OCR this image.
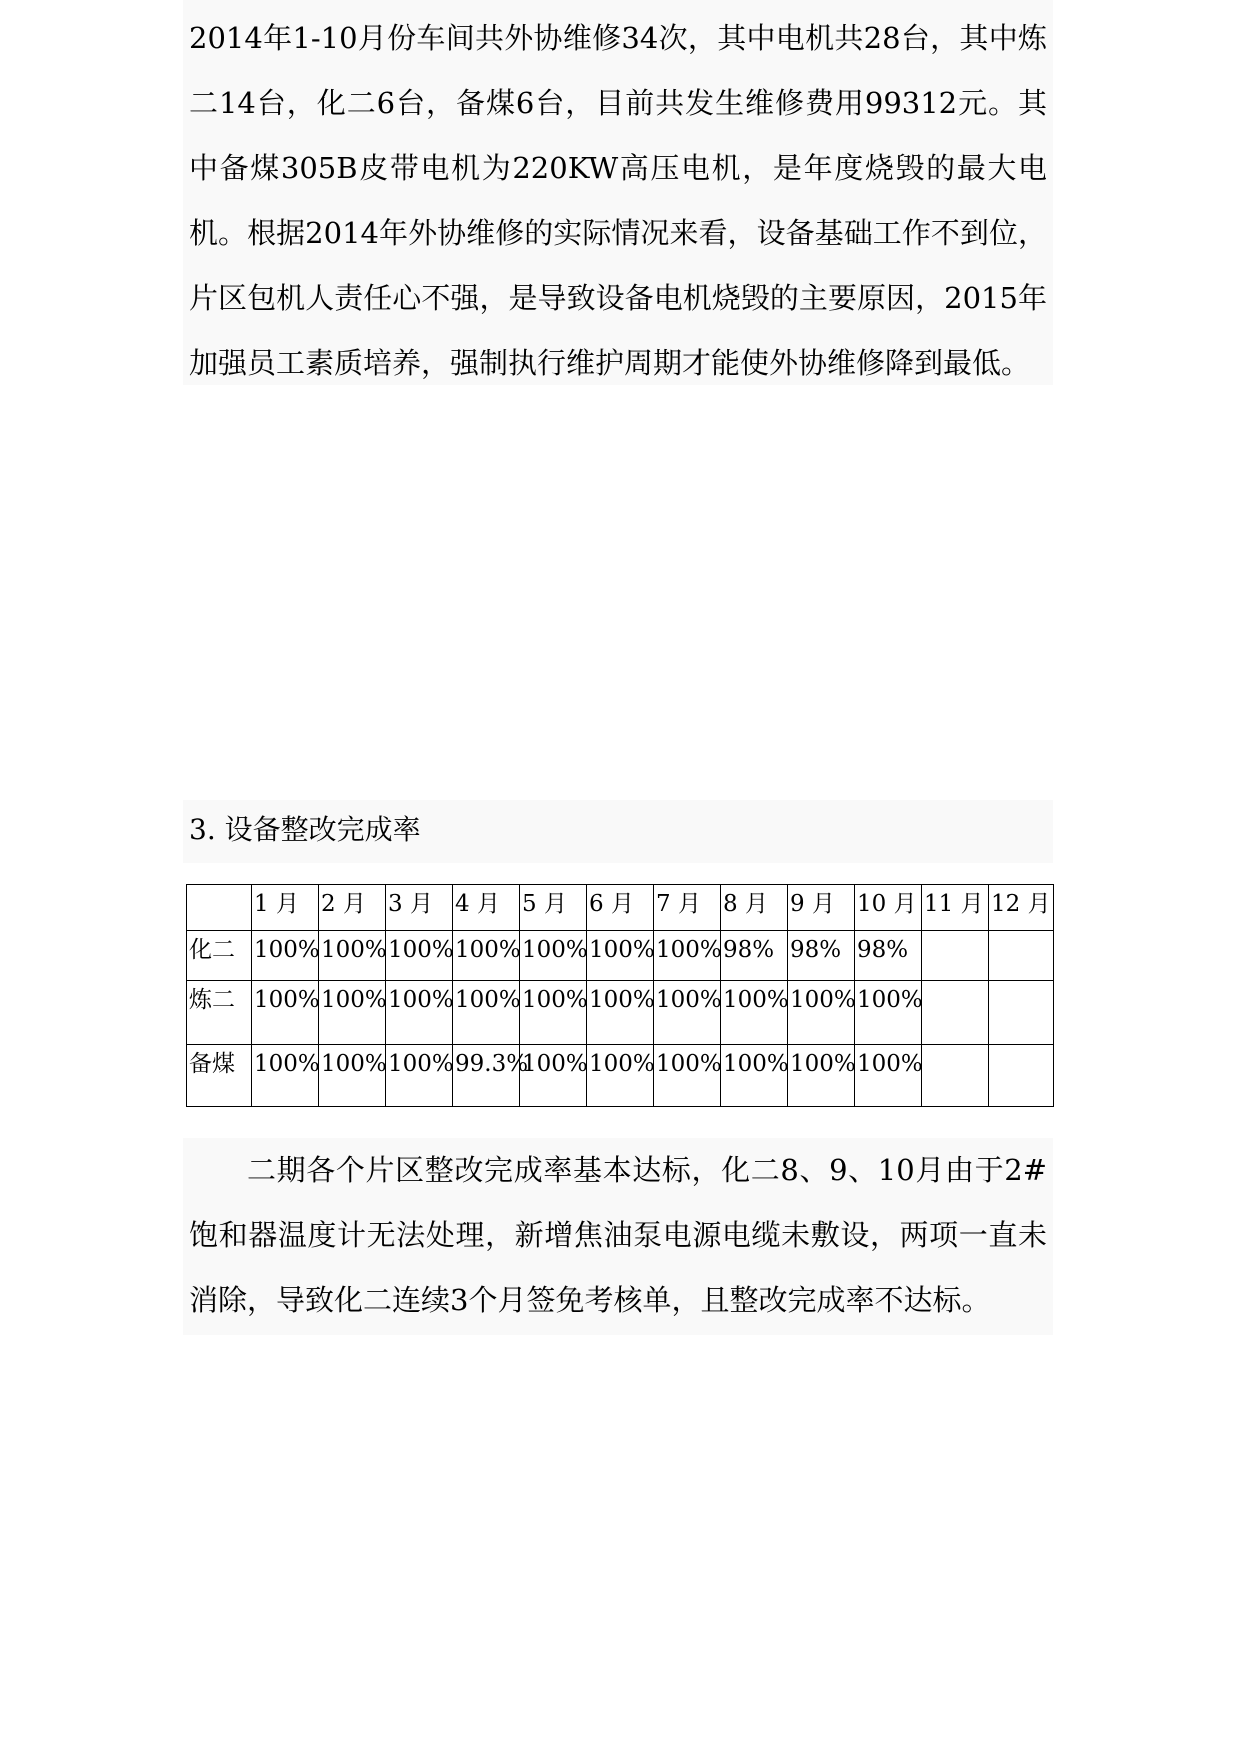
2014年1-10月份车间共外协维修34次，其中电机共28台，其中炼二14台，化二6台，备煤6台，目前共发生维修费用99312元。其中备煤305B皮带电机为220KW高压电机，是年度烧毁的最大电机。根据2014年外协维修的实际情况来看，设备基础工作不到位，片区包机人责任心不强，是导致设备电机烧毁的主要原因，2015年加强员工素质培养，强制执行维护周期才能使外协维修降到最低。

3. 设备整改完成率
	1 月	2 月	3 月	4 月	5 月	6 月	7 月	8 月	9 月	10 月	11 月	12 月
化二	100%	100%	100%	100%	100%	100%	100%	98%	98%	98%		
炼二	100%	100%	100%	100%	100%	100%	100%	100%	100%	100%		
备煤	100%	100%	100%	99.3%	100%	100%	100%	100%	100%	100%		

二期各个片区整改完成率基本达标，化二8、9、10月由于2#饱和器温度计无法处理，新增焦油泵电源电缆未敷设，两项一直未消除，导致化二连续3个月签免考核单，且整改完成率不达标。
